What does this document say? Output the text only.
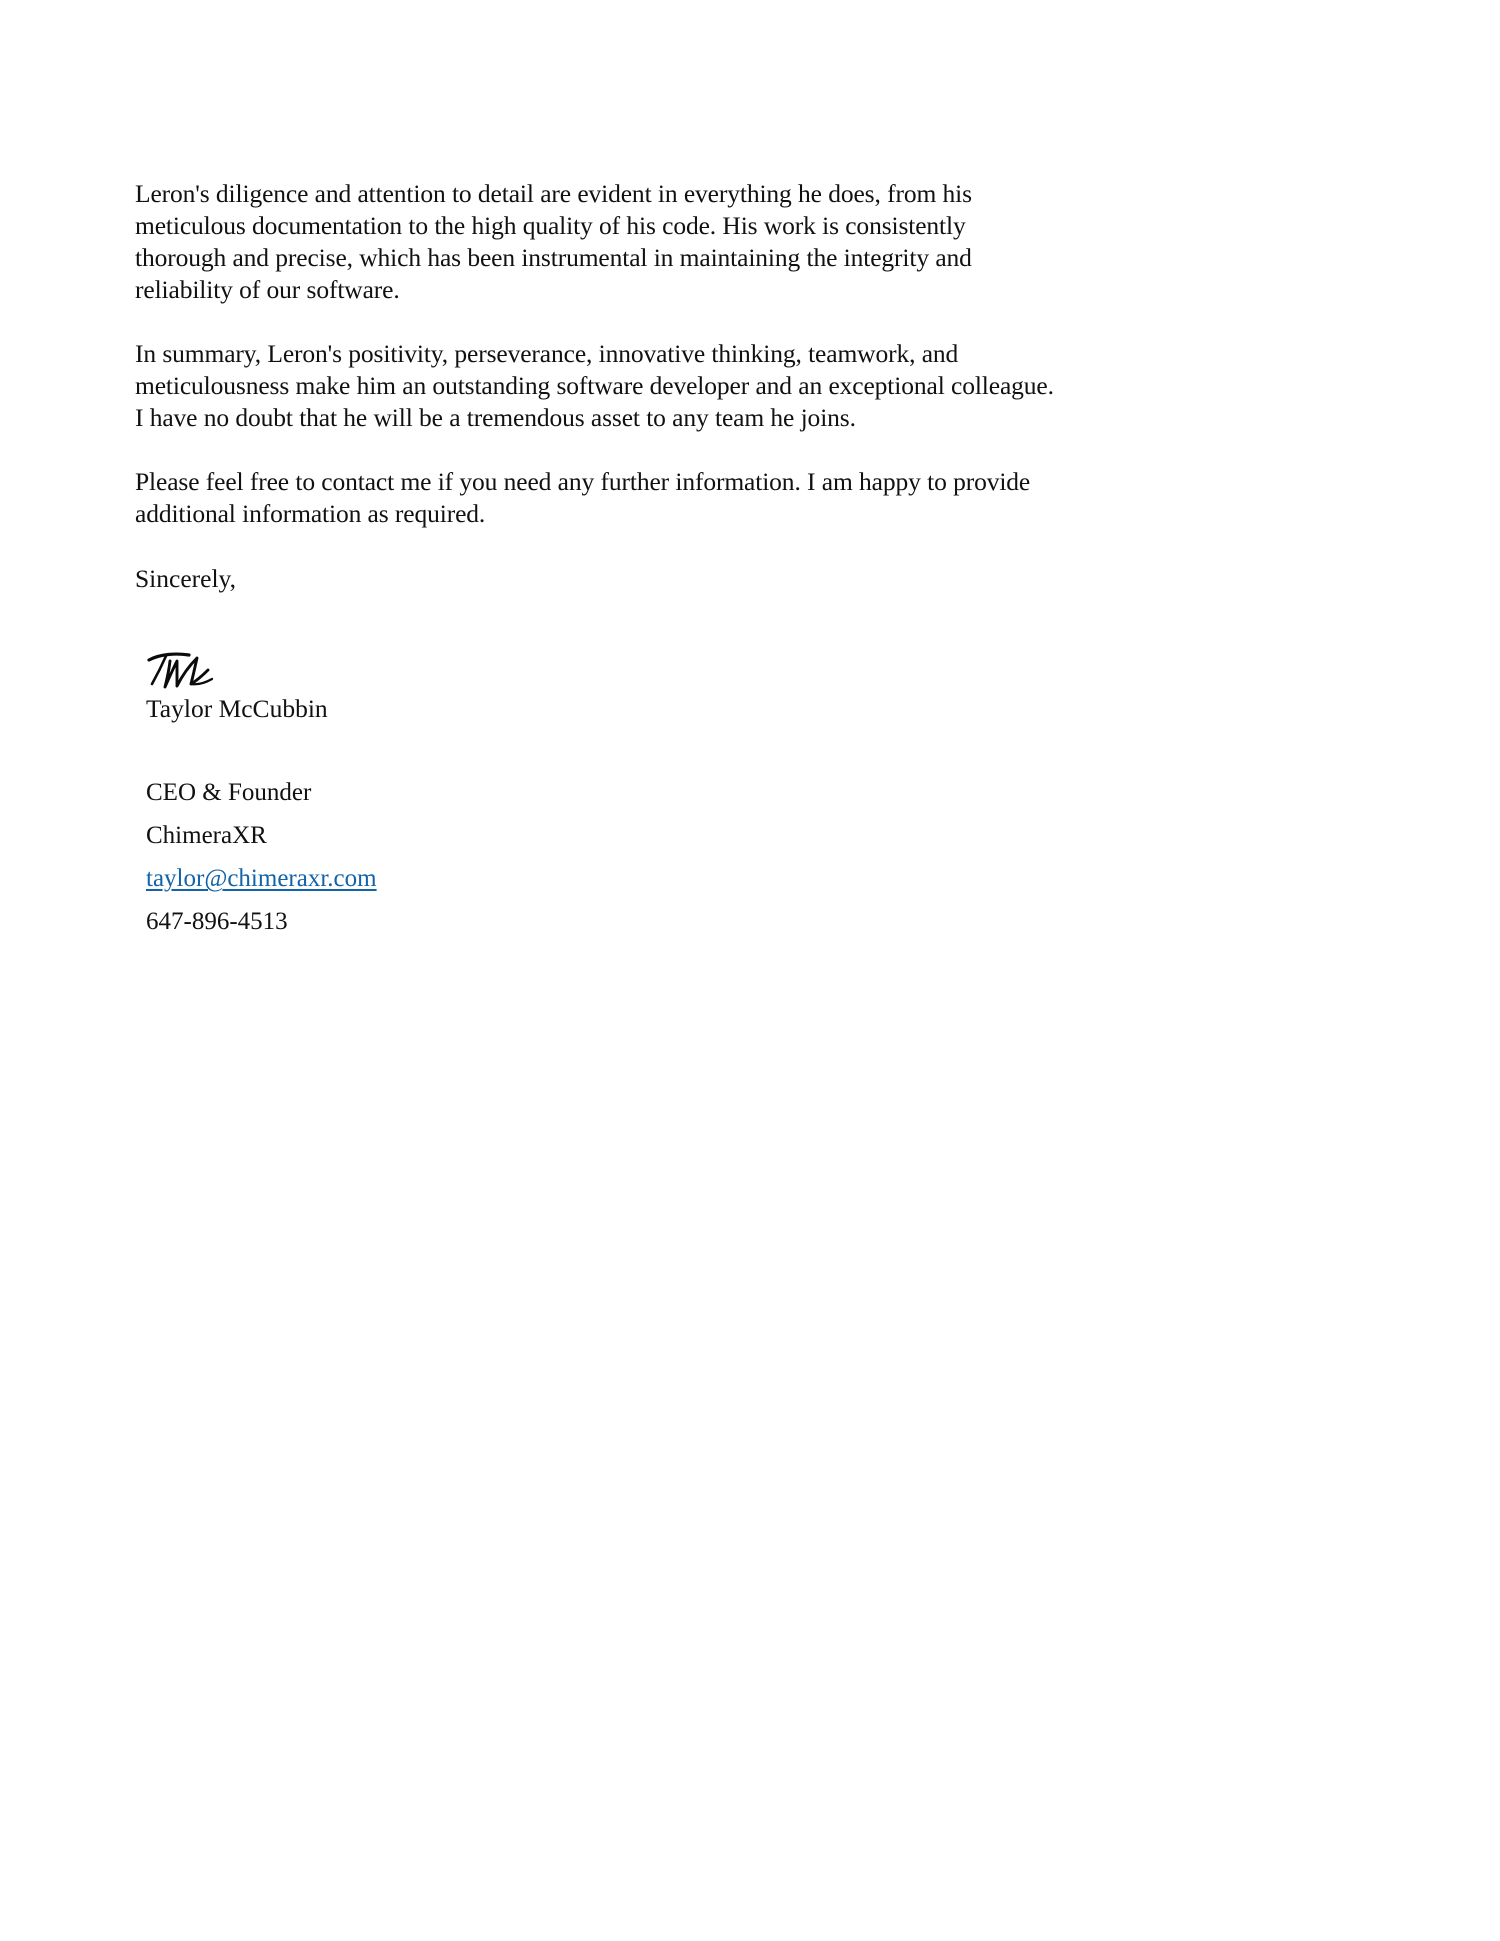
Leron's diligence and attention to detail are evident in everything he does, from his meticulous documentation to the high quality of his code. His work is consistently thorough and precise, which has been instrumental in maintaining the integrity and reliability of our software.

In summary, Leron's positivity, perseverance, innovative thinking, teamwork, and meticulousness make him an outstanding software developer and an exceptional colleague. I have no doubt that he will be a tremendous asset to any team he joins.

Please feel free to contact me if you need any further information. I am happy to provide additional information as required.

Sincerely,
Taylor McCubbin
CEO & Founder
ChimeraXR
taylor@chimeraxr.com
647-896-4513
